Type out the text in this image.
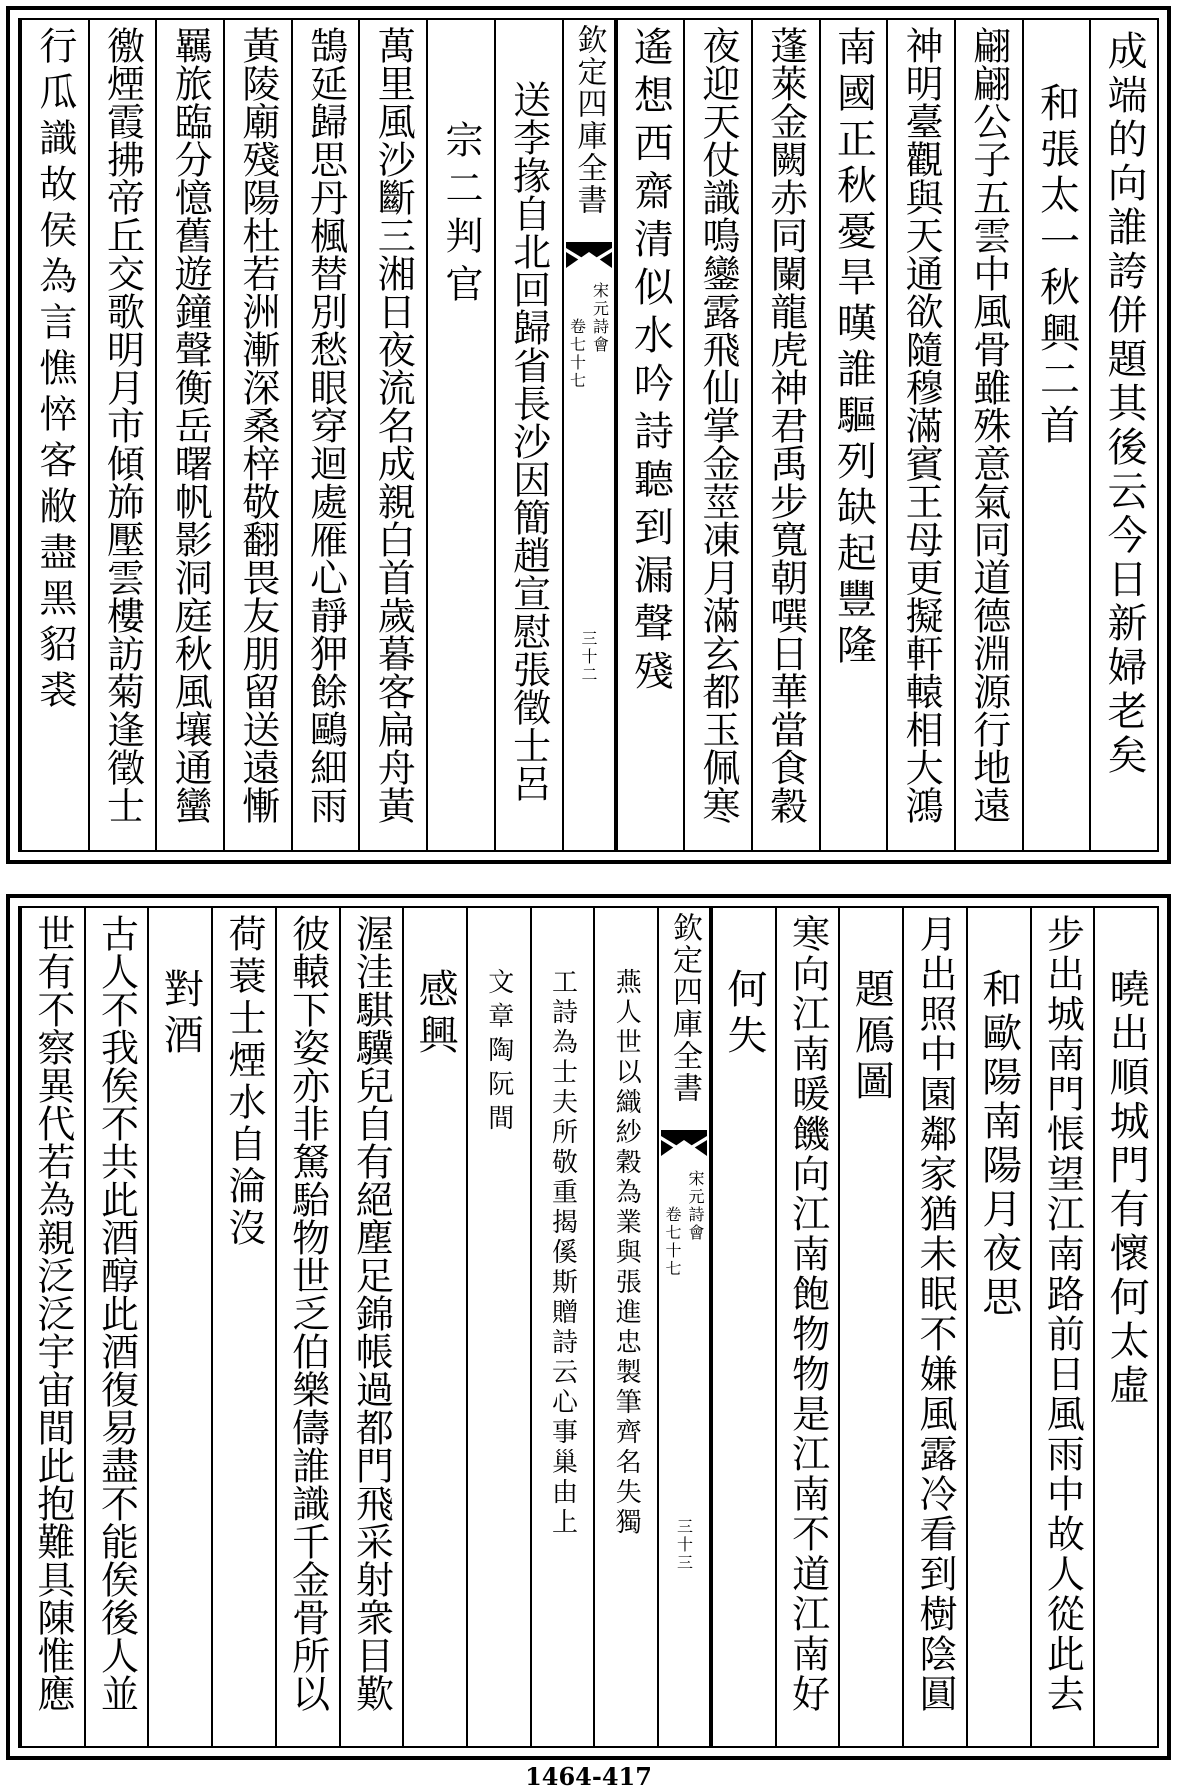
成端的向誰誇併題其後云今日新婦老矣
和張太一秋興二首
翩翩公子五雲中風骨雖殊意氣同道德淵源行地遠
神明臺觀與天通欲隨穆滿賓王母更擬軒轅相大鴻
南國正秋憂旱暵誰驅列缺起豐隆
蓬萊金闕赤同闌龍虎神君禹步寬朝噀日華當食穀
夜迎天仗識鳴鑾露飛仙掌金莖凍月滿玄都玉佩寒
遙想西齋清似水吟詩聽到漏聲殘
欽定四庫全書
宋元詩會
卷七十七
三十二
送李掾自北回歸省長沙因簡趙宣慰張徵士呂
宗二判官
萬里風沙斷三湘日夜流名成親白首歲暮客扁舟黃
鵠延歸思丹楓替別愁眼穿迴處雁心靜狎餘鷗細雨
黃陵廟殘陽杜若洲漸深桑梓敬翻畏友朋留送遠慚
羈旅臨分憶舊遊鐘聲衡岳曙帆影洞庭秋風壤通蠻
徼煙霞拂帝丘交歌明月市傾斾壓雲樓訪菊逢徵士
行瓜識故侯為言憔悴客敝盡黑貂裘
曉出順城門有懷何太虛
步出城南門悵望江南路前日風雨中故人從此去
和歐陽南陽月夜思
月出照中園鄰家猶未眠不嫌風露冷看到樹陰圓
題鴈圖
寒向江南暖饑向江南飽物物是江南不道江南好
何失
欽定四庫全書
宋元詩會
卷七十七
三十三
燕人世以織紗穀為業與張進忠製筆齊名失獨
工詩為士夫所敬重揭傒斯贈詩云心事巢由上
文章陶阮間
感興
渥洼騏驥兒自有絕塵足錦帳過都門飛采射衆目歎
彼轅下姿亦非駑駘物世乏伯樂儔誰識千金骨所以
荷蓑士煙水自淪沒
對酒
古人不我俟不共此酒醇此酒復易盡不能俟後人並
世有不察異代若為親泛泛宇宙間此抱難具陳惟應
1464-417
